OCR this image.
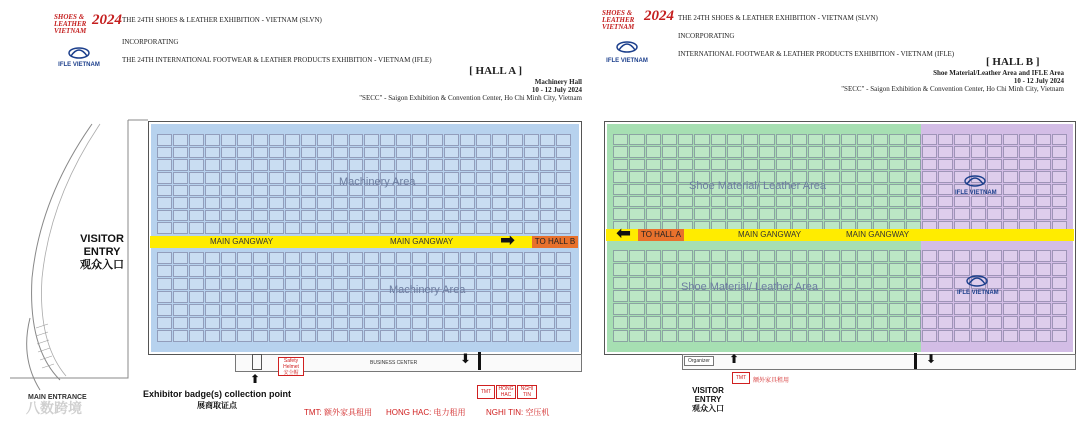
SHOES & LEATHER VIETNAM
2024
IFLE VIETNAM
THE 24TH SHOES & LEATHER EXHIBITION - VIETNAM (SLVN)
INCORPORATING
THE 24TH INTERNATIONAL FOOTWEAR & LEATHER PRODUCTS EXHIBITION - VIETNAM (IFLE)
[ HALL A ]
Machinery Hall
10 - 12 July 2024
"SECC" - Saigon Exhibition & Convention Center, Ho Chi Minh City, Vietnam
Machinery Area
Machinery Area
MAIN GANGWAY	MAIN GANGWAY	➡	TO HALL B
VISITOR
ENTRY
观众入口
Safety Helmet
安全帽
BUSINESS CENTER	⬇
⬆
TMT	HONG HAC
NGHI TIN
Exhibitor badge(s) collection point
展商取证点
MAIN ENTRANCE
TMT: 额外家具租用 HONG HAC: 电力租用	NGHI TIN: 空压机
八数跨境
SHOES & LEATHER VIETNAM
2024
IFLE VIETNAM
THE 24TH SHOES & LEATHER EXHIBITION - VIETNAM (SLVN)
INCORPORATING
INTERNATIONAL FOOTWEAR & LEATHER PRODUCTS EXHIBITION - VIETNAM (IFLE)
[ HALL B ]
Shoe Material/Leather Area and IFLE Area
10 - 12 July 2024
"SECC" - Saigon Exhibition & Convention Center, Ho Chi Minh City, Vietnam
Shoe Material/ Leather Area
Shoe Material/ Leather Area
IFLE VIETNAM
IFLE VIETNAM
MAIN GANGWAY	MAIN GANGWAY
⬅	TO HALL A
Organizer	⬆	⬇
TMT	额外家具租用
VISITOR
ENTRY
观众入口
